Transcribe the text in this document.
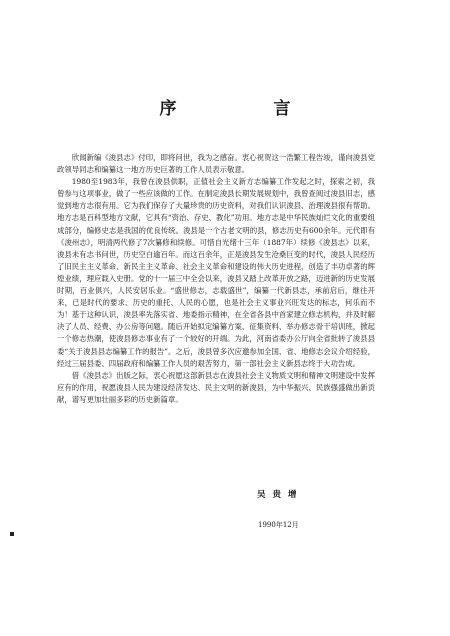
序　言

欣闻新编《浚县志》付印，即将问世，我为之感奋。衷心祝贺这一浩繁工程告竣，谨向浚县党政领导同志和编纂这一地方历史巨著的工作人员表示敬意。

1980至1983年，我曾在浚县供职，正值社会主义新方志编纂工作发起之时，探索之初，我曾参与这项事业，做了一些应该做的工作。在制定浚县长期发展规划中，我曾查阅过浚县旧志，感觉到地方志很有用。它为我们保存了大量珍贵的历史资料，对我们认识浚县、治理浚县很有帮助。地方志是百科型地方文献，它具有“资治、存史、教化”功用。地方志是中华民族灿烂文化的重要组成部分，编修史志是我国的优良传统。浚县是一个古老文明的县，修志历史有600余年。元代即有《浚州志》，明清两代修了7次纂修和续修。可惜自光绪十三年（1887年）续修《浚县志》以来，浚县未有志书问世，历史空白逾百年。而这百余年，正是浚县发生沧桑巨变的时代，浚县人民经历了旧民主主义革命、新民主主义革命、社会主义革命和建设的伟大历史进程，创造了丰功卓著的辉煌业绩，理应载入史册。党的十一届三中全会以来，浚县又踏上改革开放之路，迈进新的历史发展时期，百业俱兴，人民安居乐业。“盛世修志，志载盛世”，编纂一代新县志，承前启后，继往开来，已是时代的要求、历史的重托、人民的心愿，也是社会主义事业兴旺发达的标志，何乐而不为！基于这种认识，浚县率先落实省、地委指示精神，在全省各县中首家建立修志机构，并及时解决了人员、经费、办公房等问题。随后开始拟定编纂方案、征集资料、举办修志骨干培训班，掀起一个修志热潮，使浚县修志事业有了一个较好的开端。为此，河南省委办公厅向全省批转了浚县县委“关于浚县县志编纂工作的报告”。之后，浚县曾多次应邀参加全国、省、地修志会议介绍经验，经过三届县委、四届政府和编纂工作人员的艰苦努力，第一部社会主义新县志终于大功告成。

借《浚县志》出版之际，衷心祝愿这部新县志在浚县社会主义物质文明和精神文明建设中发挥应有的作用，祝愿浚县人民为建设经济发达、民主文明的新浚县，为中华振兴、民族强盛做出新贡献，谱写更加壮丽多彩的历史新篇章。

吴贵增
1990年12月
